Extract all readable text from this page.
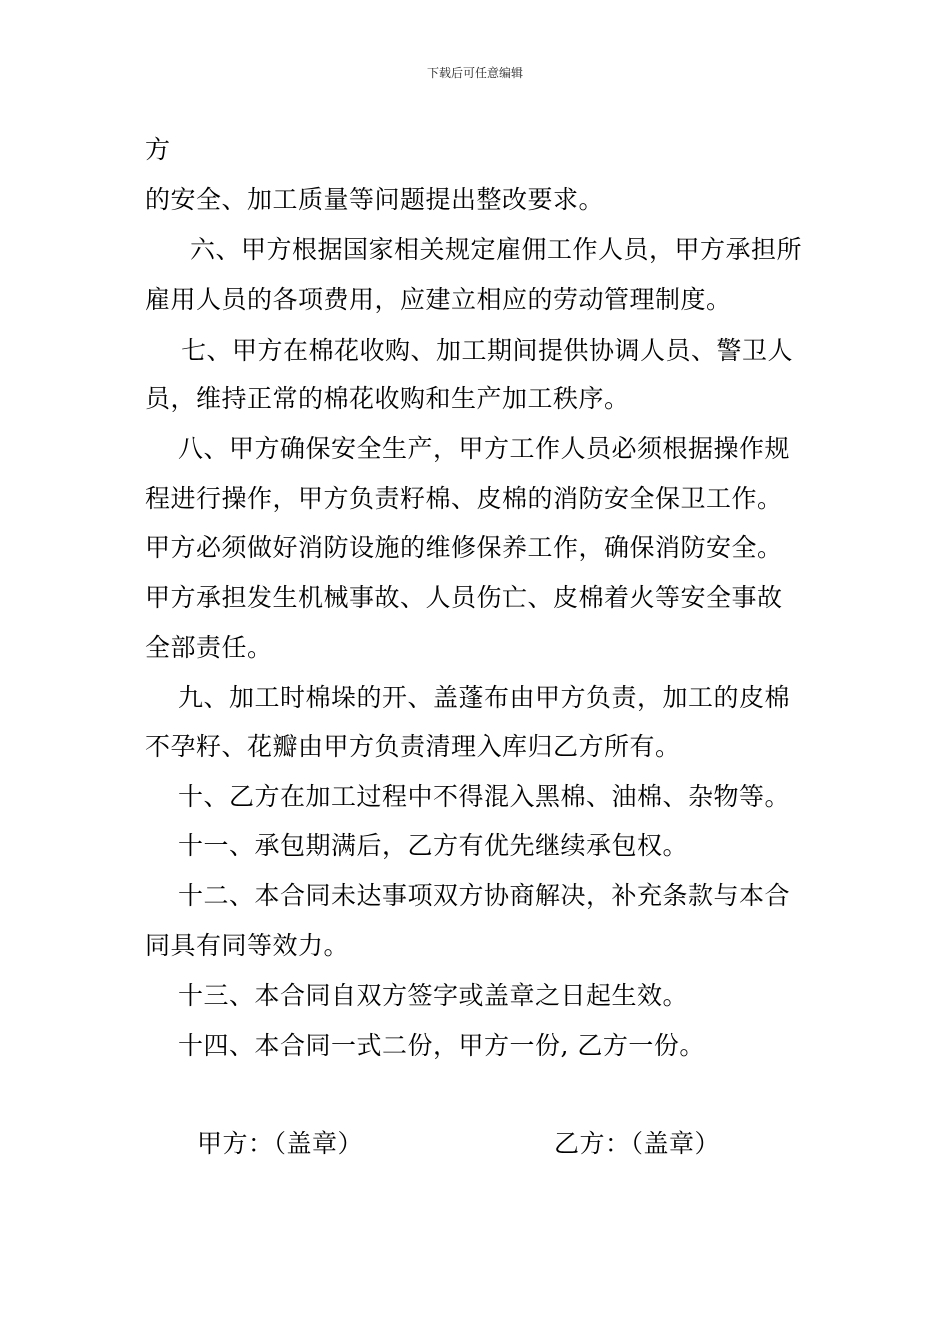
下载后可任意编辑
方
的安全、加工质量等问题提出整改要求。
六、甲方根据国家相关规定雇佣工作人员，甲方承担所
雇用人员的各项费用，应建立相应的劳动管理制度。
七、甲方在棉花收购、加工期间提供协调人员、警卫人
员，维持正常的棉花收购和生产加工秩序。
八、甲方确保安全生产，甲方工作人员必须根据操作规
程进行操作，甲方负责籽棉、皮棉的消防安全保卫工作。
甲方必须做好消防设施的维修保养工作，确保消防安全。
甲方承担发生机械事故、人员伤亡、皮棉着火等安全事故
全部责任。
九、加工时棉垛的开、盖蓬布由甲方负责，加工的皮棉
不孕籽、花瓣由甲方负责清理入库归乙方所有。
十、乙方在加工过程中不得混入黑棉、油棉、杂物等。
十一、承包期满后，乙方有优先继续承包权。
十二、本合同未达事项双方协商解决，补充条款与本合
同具有同等效力。
十三、本合同自双方签字或盖章之日起生效。
十四、本合同一式二份，甲方一份, 乙方一份。
甲方：（盖章）	乙方：（盖章）
